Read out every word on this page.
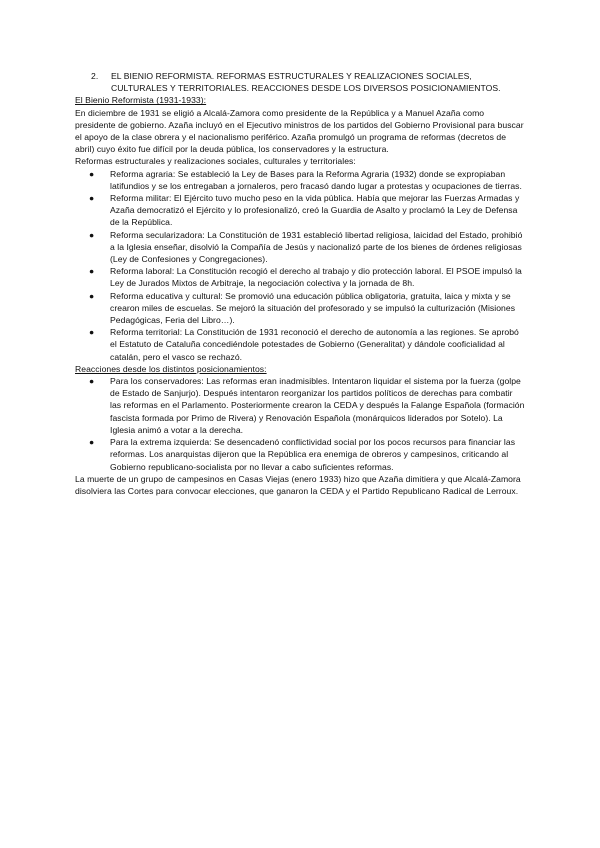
2.	EL BIENIO REFORMISTA. REFORMAS ESTRUCTURALES Y REALIZACIONES SOCIALES, CULTURALES Y TERRITORIALES. REACCIONES DESDE LOS DIVERSOS POSICIONAMIENTOS.

El Bienio Reformista (1931-1933):

En diciembre de 1931 se eligió a Alcalá-Zamora como presidente de la República y a Manuel Azaña como presidente de gobierno. Azaña incluyó en el Ejecutivo ministros de los partidos del Gobierno Provisional para buscar el apoyo de la clase obrera y el nacionalismo periférico. Azaña promulgó un programa de reformas (decretos de abril) cuyo éxito fue difícil por la deuda pública, los conservadores y la estructura.

Reformas estructurales y realizaciones sociales, culturales y territoriales:

● Reforma agraria: Se estableció la Ley de Bases para la Reforma Agraria (1932) donde se expropiaban latifundios y se los entregaban a jornaleros, pero fracasó dando lugar a protestas y ocupaciones de tierras.
● Reforma militar: El Ejército tuvo mucho peso en la vida pública. Había que mejorar las Fuerzas Armadas y Azaña democratizó el Ejército y lo profesionalizó, creó la Guardia de Asalto y proclamó la Ley de Defensa de la República.
● Reforma secularizadora: La Constitución de 1931 estableció libertad religiosa, laicidad del Estado, prohibió a la Iglesia enseñar, disolvió la Compañía de Jesús y nacionalizó parte de los bienes de órdenes religiosas (Ley de Confesiones y Congregaciones).
● Reforma laboral: La Constitución recogió el derecho al trabajo y dio protección laboral. El PSOE impulsó la Ley de Jurados Mixtos de Arbitraje, la negociación colectiva y la jornada de 8h.
● Reforma educativa y cultural: Se promovió una educación pública obligatoria, gratuita, laica y mixta y se crearon miles de escuelas. Se mejoró la situación del profesorado y se impulsó la culturización (Misiones Pedagógicas, Feria del Libro…).
● Reforma territorial: La Constitución de 1931 reconoció el derecho de autonomía a las regiones. Se aprobó el Estatuto de Cataluña concediéndole potestades de Gobierno (Generalitat) y dándole cooficialidad al catalán, pero el vasco se rechazó.

Reacciones desde los distintos posicionamientos:

● Para los conservadores: Las reformas eran inadmisibles. Intentaron liquidar el sistema por la fuerza (golpe de Estado de Sanjurjo). Después intentaron reorganizar los partidos políticos de derechas para combatir las reformas en el Parlamento. Posteriormente crearon la CEDA y después la Falange Española (formación fascista formada por Primo de Rivera) y Renovación Española (monárquicos liderados por Sotelo). La Iglesia animó a votar a la derecha.
● Para la extrema izquierda: Se desencadenó conflictividad social por los pocos recursos para financiar las reformas. Los anarquistas dijeron que la República era enemiga de obreros y campesinos, criticando al Gobierno republicano-socialista por no llevar a cabo suficientes reformas.

La muerte de un grupo de campesinos en Casas Viejas (enero 1933) hizo que Azaña dimitiera y que Alcalá-Zamora disolviera las Cortes para convocar elecciones, que ganaron la CEDA y el Partido Republicano Radical de Lerroux.
